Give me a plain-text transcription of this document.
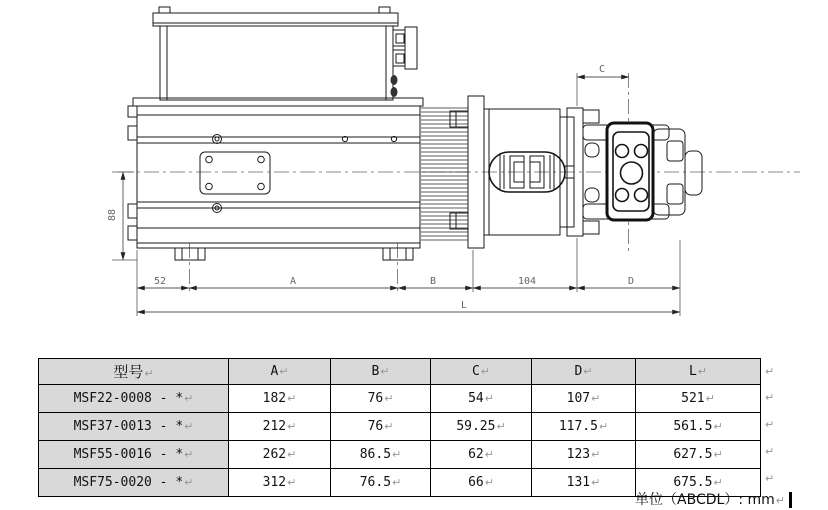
88
52	A	B	104	D
L
C
型号↵	A↵	B↵	C↵	D↵	L↵
MSF22-0008 - *↵	182↵	76↵	54↵	107↵	521↵
MSF37-0013 - *↵	212↵	76↵	59.25↵	117.5↵	561.5↵
MSF55-0016 - *↵	262↵	86.5↵	62↵	123↵	627.5↵
MSF75-0020 - *↵	312↵	76.5↵	66↵	131↵	675.5↵
↵
↵
↵
↵
↵
单位（ABCDL）: mm↵
